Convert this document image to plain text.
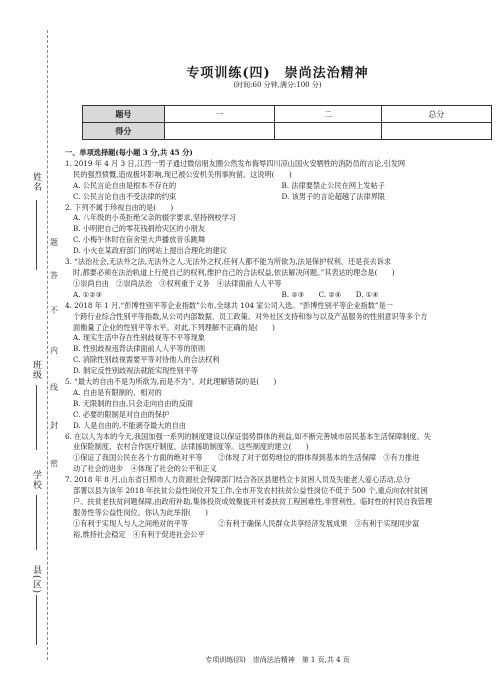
姓名
班级
学校
县(区)
题
答
不
内
线
封
密
专项训练(四)　崇尚法治精神
(时间:60 分钟,满分:100 分)
题号	一	二	总分
得分			

一、单项选择题(每小题 3 分,共 45 分)

1. 2019 年 4 月 3 日,江西一男子通过微信朋友圈公然发布侮辱四川凉山国火安牺牲的消防员的言论,引发网

民的强烈愤慨,造成极坏影响,现已被公安机关刑事拘留。这说明(　　)

A. 公民言论自由是根本不存在的	B. 法律要禁止公民在网上发帖子
C. 公民言论自由不受法律的约束	D. 该男子的言论超越了法律界限

2. 下列不属于珍视自由的是(　　)

A. 八年级的小英拒绝父亲的辍学要求,坚持例校学习

B. 小明把自己的零花钱捐给灾区的小朋友

C. 小梅午休时在宿舍里大声播放音乐跳舞

D. 小火在某政府部门的网站上提出合理化的建议

3. “法治社会,无法外之法,无法外之人,无法外之权,任何人都不能为所欲为,法是保护权利、还是丧去诉求

时,都要必须在法治轨道上行使自己的权利,维护自己的合法权益,依法解决问题。”其表达的理念是(　　)

①崇尚自由　②崇尚法治　③权利重于义务　④法律面前人人平等
A. ①②③	B. ②③　　C. ②④　　D. ①④

4. 2018 年 1 月,“彭博性别平等企业指数”公布,全球共 104 家公司入选。“彭博性别平等企业指数”是一

个跨行业综合性别平等指数,从公司内部数据、员工政策、对外社区支持和参与以及产品服务的性别意识等多个方

面衡量了企业的性别平等水平。对此,下列理解不正确的是(　　)

A. 现实生活中存在性别歧视等不平等现象

B. 性别歧视违背法律面前人人平等的原则

C. 消除性别歧视需要平等对待他人的合法权利

D. 制定反性别歧视法就能实现性别平等

5. “最大的自由不是为所欲为,而是不为”。对此理解错误的是(　　)

A. 自由是有限制的、相对的

B. 无限制的自由,只会走向自由的反面

C. 必要的限制是对自由的保护

D. 人是自由的,不能剥夺最大的自由

6. 在以人为本的今天,我国加强一系列的制度建设以保证弱势群体的利益,如不断完善城市居民基本生活保障制度、失

业保险制度、农村合作医疗制度、法律援助制度等。这些制度的建立(　　)

①保证了我国公民在各个方面的绝对平等	②体现了对于弱势地位的群体得到基本的生活保障　③有力推进
动了社会的进步　④体现了社会的公平和正义

7. 2018 年 8 月,山东省日照市人力资源社会保障部门结合各区县建档立卡贫困人员及失能老人爱心活动,总分

部署以县为该年 2018 年扶贫公益性岗位开发工作,全市开发农村扶贫公益性岗位不低于 500 个,重点向农村贫困

户、扶贫老扶贫问题保障,由政府补助,集体投资成效聚拢开村委扶贫工程困难性,非营利性、临时性的村民自我管理

服务性等公益性岗位。你认为此举措(　　)

①有利于实现人与人之间绝对的平等	②有利于确保人民群众共享经济发展成果　③有利于实现同步富
裕,维持社会稳定　④有利于促进社会公平
专项训练(四)　崇尚法治精神　第 1 页,共 4 页
